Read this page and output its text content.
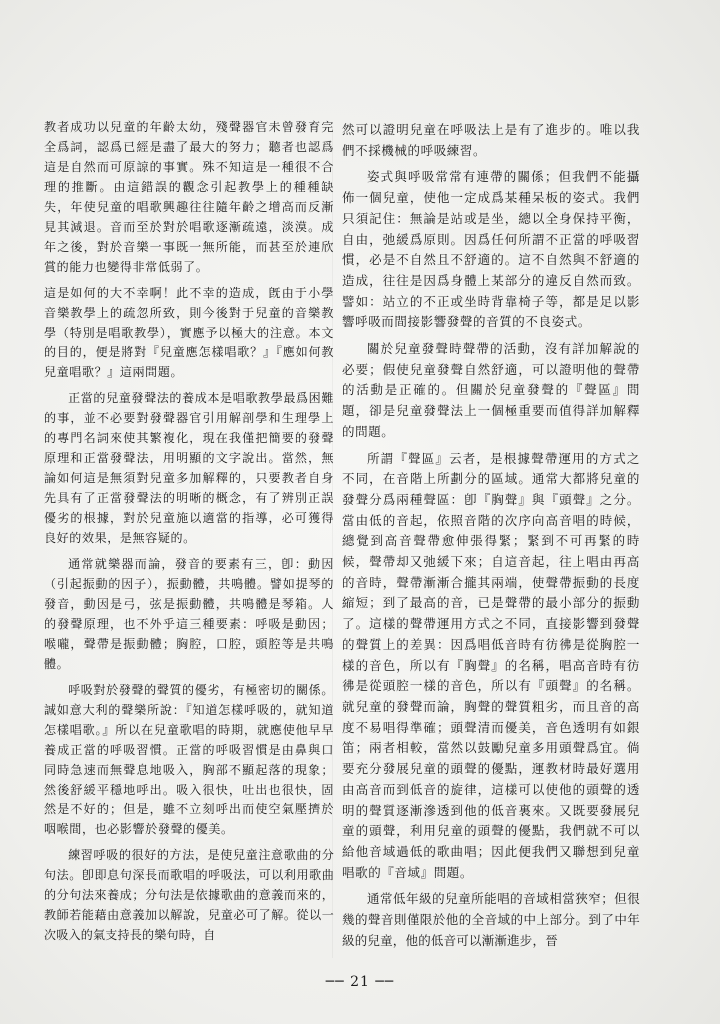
教者成功以兒童的年齡太幼，殘聲器官未曾發育完全爲詞，認爲已經是盡了最大的努力；聽者也認爲這是自然而可原諒的事實。殊不知這是一種很不合理的推斷。由這錯誤的觀念引起教學上的種種缺失，年使兒童的唱歌興趣往往隨年齡之增高而反漸見其減退。音而至於對於唱歌逐漸疏遠，淡漠。成年之後，對於音樂一事既一無所能，而甚至於連欣賞的能力也變得非常低弱了。

這是如何的大不幸啊！此不幸的造成，旣由于小學音樂教學上的疏忽所致，則今後對于兒童的音樂教學（特別是唱歌教學），實應予以極大的注意。本文的目的，便是將對『兒童應怎樣唱歌？』『應如何教兒童唱歌？』這兩問題。

正當的兒童發聲法的養成本是唱歌教學最爲困難的事，並不必要對發聲器官引用解剖學和生理學上的專門名詞來使其繁複化，現在我僅把簡要的發聲原理和正當發聲法，用明顯的文字說出。當然，無論如何這是無須對兒童多加解釋的，只要教者自身先具有了正當發聲法的明晰的概念，有了辨別正誤優劣的根據，對於兒童施以適當的指導，必可獲得良好的效果，是無容疑的。

通常就樂器而論，發音的要素有三，卽：動因（引起振動的因子），振動體，共鳴體。譬如提琴的發音，動因是弓，弦是振動體，共鳴體是琴箱。人的發聲原理，也不外乎這三種要素：呼吸是動因；喉嚨，聲帶是振動體；胸腔，口腔，頭腔等是共鳴體。

呼吸對於發聲的聲質的優劣，有極密切的關係。誠如意大利的聲樂所說：『知道怎樣呼吸的，就知道怎樣唱歌。』所以在兒童歌唱的時期，就應使他早早養成正當的呼吸習慣。正當的呼吸習慣是由鼻與口同時急速而無聲息地吸入，胸部不顯起落的現象；然後舒緩平穩地呼出。吸入很快，吐出也很快，固然是不好的；但是，雖不立刻呼出而使空氣壓擠於咽喉間，也必影響於發聲的優美。

練習呼吸的很好的方法，是使兒童注意歌曲的分句法。卽即息句深長而歌唱的呼吸法，可以利用歌曲的分句法來養成；分句法是依據歌曲的意義而來的，教師若能藉由意義加以解說，兒童必可了解。從以一次吸入的氣支持長的樂句時，自

然可以證明兒童在呼吸法上是有了進步的。唯以我們不採機械的呼吸練習。

姿式與呼吸常常有連帶的關係；但我們不能攝佈一個兒童，使他一定成爲某種呆板的姿式。我們只須記住：無論是站或是坐，總以全身保持平衡，自由，弛緩爲原則。因爲任何所謂不正當的呼吸習慣，必是不自然且不舒適的。這不自然與不舒適的造成，往往是因爲身體上某部分的違反自然而致。譬如：站立的不正或坐時背靠椅子等，都是足以影響呼吸而間接影響發聲的音質的不良姿式。

關於兒童發聲時聲帶的活動，沒有詳加解說的必要；假使兒童發聲自然舒適，可以證明他的聲帶的活動是正確的。但關於兒童發聲的『聲區』問題，卻是兒童發聲法上一個極重要而值得詳加解釋的問題。

所謂『聲區』云者，是根據聲帶運用的方式之不同，在音階上所劃分的區域。通常大都將兒童的發聲分爲兩種聲區：卽『胸聲』與『頭聲』之分。當由低的音起，依照音階的次序向高音唱的時候，總覺到高音聲帶愈伸張得緊；緊到不可再緊的時候，聲帶却又弛緩下來；自這音起，往上唱由再高的音時，聲帶漸漸合攏其兩端，使聲帶振動的長度縮短；到了最高的音，已是聲帶的最小部分的振動了。這樣的聲帶運用方式之不同，直接影響到發聲的聲質上的差異：因爲唱低音時有彷彿是從胸腔一樣的音色，所以有『胸聲』的名稱，唱高音時有彷彿是從頭腔一樣的音色，所以有『頭聲』的名稱。就兒童的發聲而論，胸聲的聲質粗劣，而且音的高度不易唱得準確；頭聲清而優美，音色透明有如銀笛；兩者相較，當然以鼓勵兒童多用頭聲爲宜。倘要充分發展兒童的頭聲的優點，運教材時最好選用由高音而到低音的旋律，這樣可以使他的頭聲的透明的聲質逐漸滲透到他的低音裏來。又既要發展兒童的頭聲，利用兒童的頭聲的優點，我們就不可以給他音域過低的歌曲唱；因此便我們又聯想到兒童唱歌的『音域』問題。

通常低年級的兒童所能唱的音域相當狹窄；但很幾的聲音則僅限於他的全音域的中上部分。到了中年級的兒童，他的低音可以漸漸進步，晉

── 21 ──
